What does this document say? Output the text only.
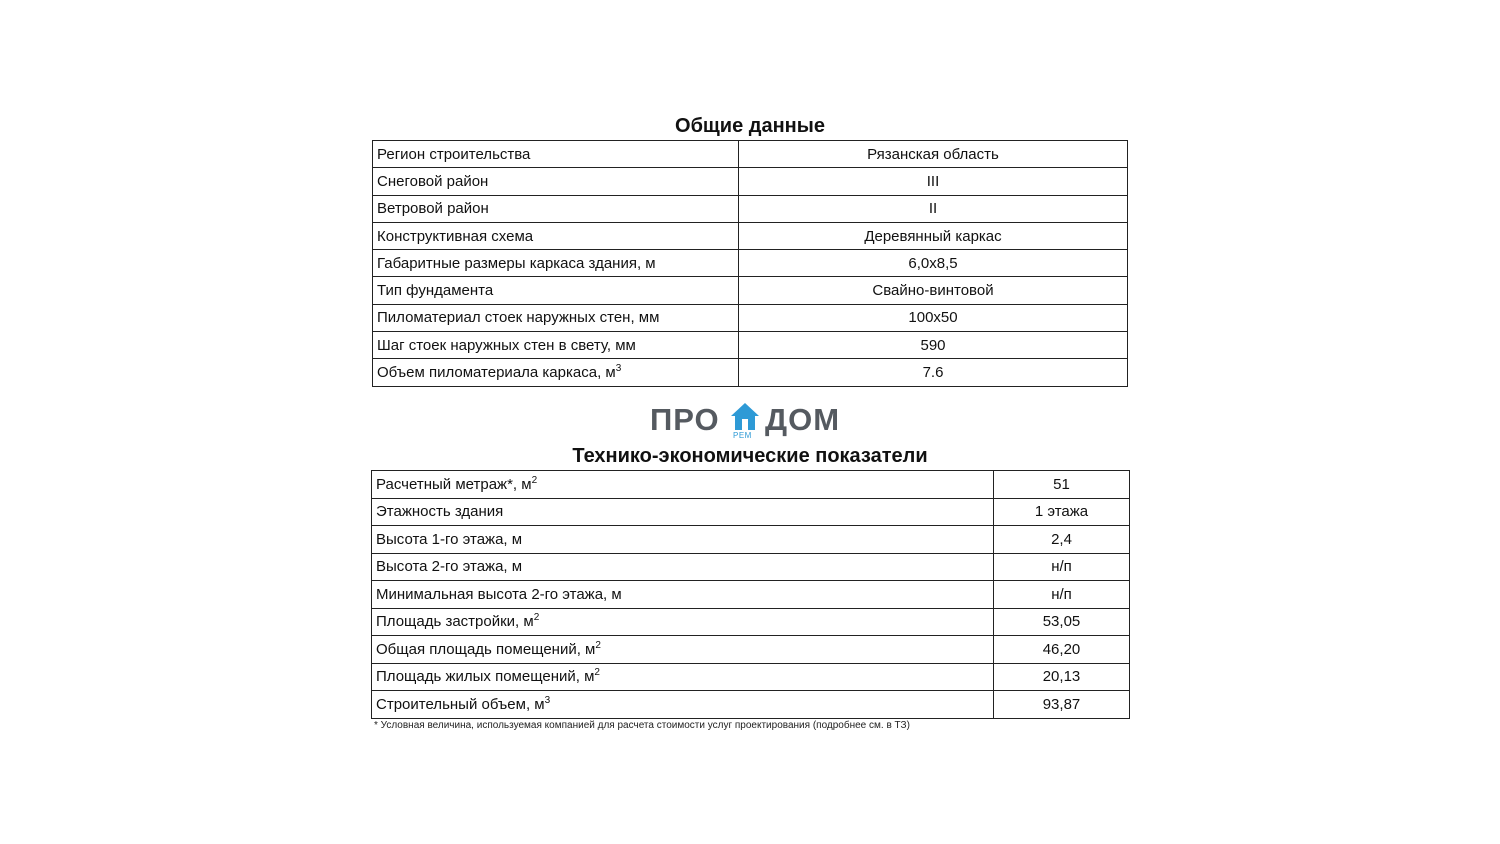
Общие данные
Регион строительства	Рязанская область
Снеговой район	III
Ветровой район	II
Конструктивная схема	Деревянный каркас
Габаритные размеры каркаса здания, м	6,0х8,5
Тип фундамента	Свайно-винтовой
Пиломатериал стоек наружных стен, мм	100х50
Шаг стоек наружных стен в свету, мм	590
Объем пиломатериала каркаса, $м^3$	7.6
ПРО РЕМ ДОМ
Технико-экономические показатели
Расчетный метраж*, $м^2$	51
Этажность здания	1 этажа
Высота 1-го этажа, м	2,4
Высота 2-го этажа, м	н/п
Минимальная высота 2-го этажа, м	н/п
Площадь застройки, $м^2$	53,05
Общая площадь помещений, $м^2$	46,20
Площадь жилых помещений, $м^2$	20,13
Строительный объем, $м^3$	93,87
* Условная величина, используемая компанией для расчета стоимости услуг проектирования (подробнее см. в ТЗ)
